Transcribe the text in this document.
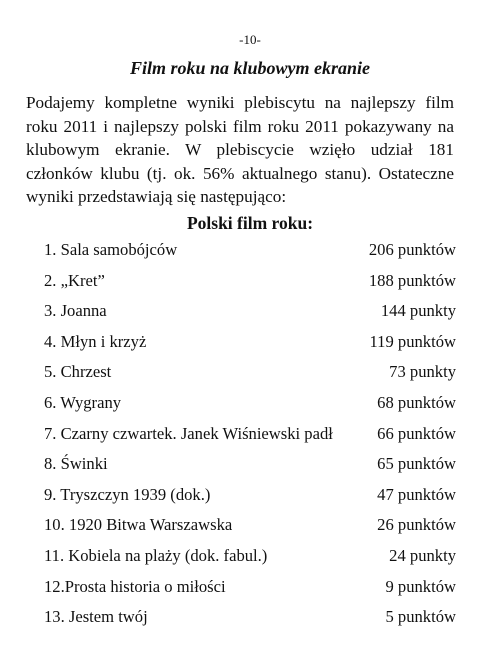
-10-
Film roku na klubowym ekranie

Podajemy kompletne wyniki plebiscytu na najlepszy film roku 2011 i najlepszy polski film roku 2011 pokazywany na klubowym ekranie. W plebiscycie wzięło udział 181 członków klubu (tj. ok. 56% aktualnego stanu). Ostateczne wyniki przedstawiają się następująco:

Polski film roku:
1. Sala samobójców	206 punktów
2. „Kret”	188 punktów
3. Joanna	144 punkty
4. Młyn i krzyż	119 punktów
5. Chrzest	73 punkty
6. Wygrany	68 punktów
7. Czarny czwartek. Janek Wiśniewski padł	66 punktów
8. Świnki	65 punktów
9. Tryszczyn 1939 (dok.)	47 punktów
10. 1920 Bitwa Warszawska	26 punktów
11. Kobiela na plaży (dok. fabul.)	24 punkty
12.Prosta historia o miłości	9 punktów
13. Jestem twój	5 punktów
